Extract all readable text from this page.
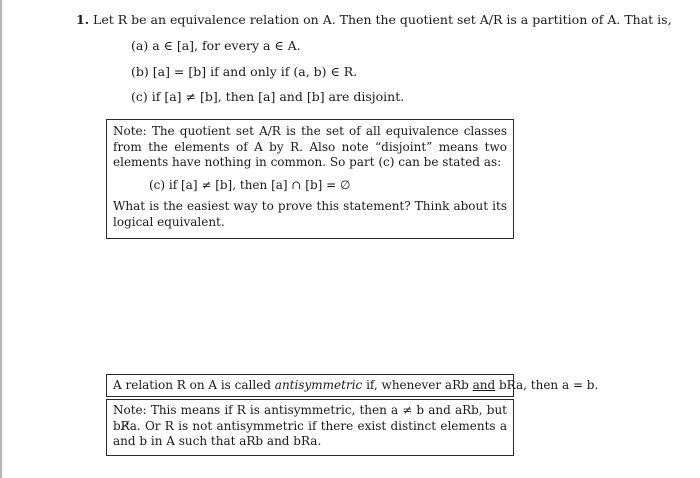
1. Let R be an equivalence relation on A. Then the quotient set A/R is a partition of A. That is,
(a) a ∈ [a], for every a ∈ A.
(b) [a] = [b] if and only if (a, b) ∈ R.
(c) if [a] ≠ [b], then [a] and [b] are disjoint.

Note: The quotient set A/R is the set of all equivalence classes from the elements of A by R. Also note “disjoint” means two elements have nothing in common. So part (c) can be stated as:

(c) if [a] ≠ [b], then [a] ∩ [b] = ∅

What is the easiest way to prove this statement? Think about its logical equivalent.

A relation R on A is called antisymmetric if, whenever aRb and bRa, then a = b.

Note: This means if R is antisymmetric, then a ≠ b and aRb, but bR̸a. Or R is not antisymmetric if there exist distinct elements a and b in A such that aRb and bRa.
